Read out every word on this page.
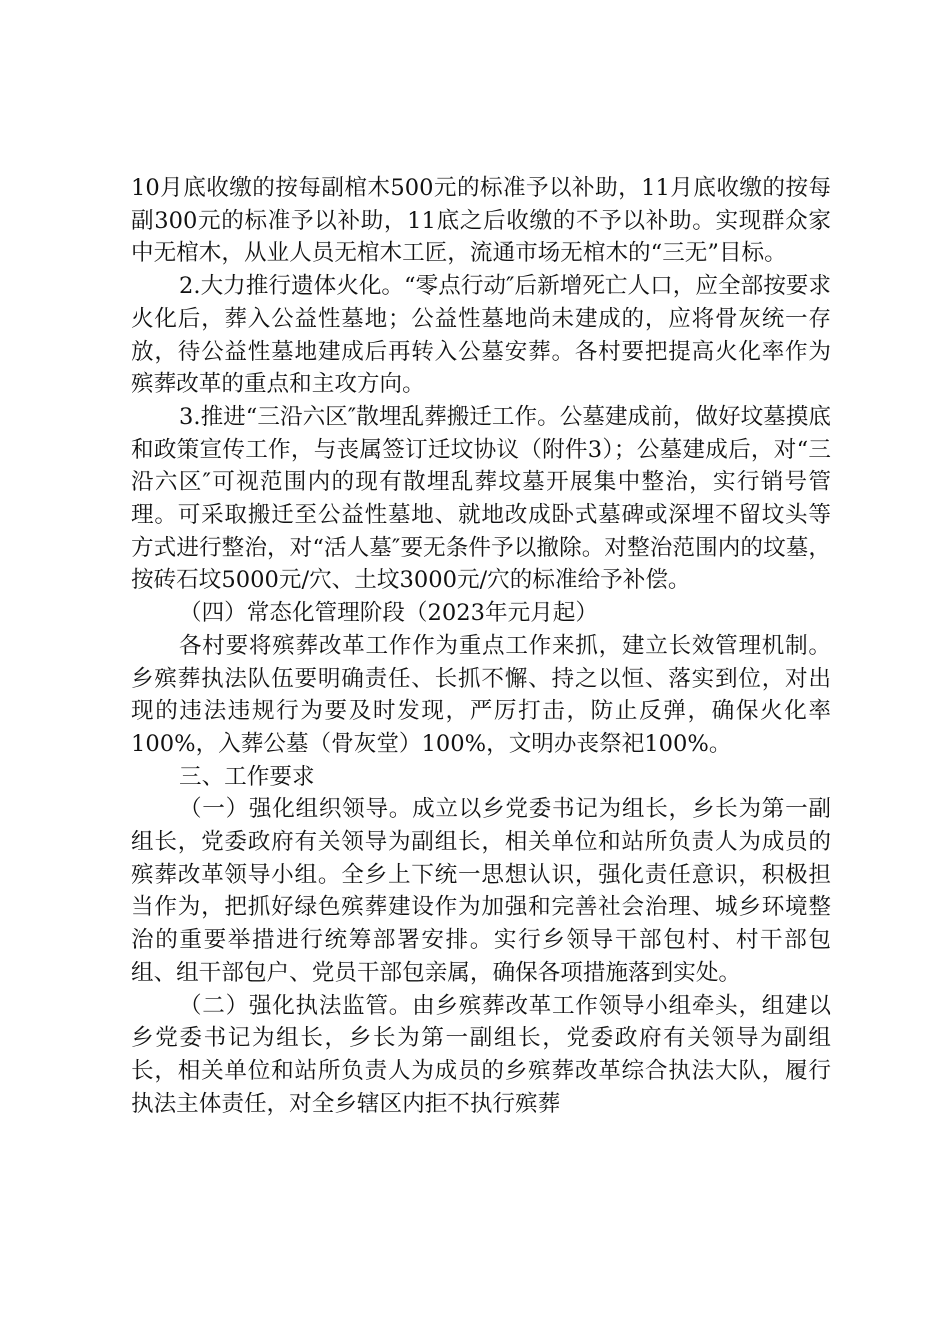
10月底收缴的按每副棺木500元的标准予以补助，11月底收缴的按每副300元的标准予以补助，11底之后收缴的不予以补助。实现群众家中无棺木，从业人员无棺木工匠，流通市场无棺木的“三无”目标。

2.大力推行遗体火化。“零点行动″后新增死亡人口，应全部按要求火化后，葬入公益性墓地；公益性墓地尚未建成的，应将骨灰统一存放，待公益性墓地建成后再转入公墓安葬。各村要把提高火化率作为殡葬改革的重点和主攻方向。

3.推进“三沿六区″散埋乱葬搬迁工作。公墓建成前，做好坟墓摸底和政策宣传工作，与丧属签订迁坟协议（附件3）；公墓建成后，对“三沿六区″可视范围内的现有散埋乱葬坟墓开展集中整治，实行销号管理。可采取搬迁至公益性墓地、就地改成卧式墓碑或深埋不留坟头等方式进行整治，对“活人墓″要无条件予以撤除。对整治范围内的坟墓，按砖石坟5000元/穴、土坟3000元/穴的标准给予补偿。

（四）常态化管理阶段（2023年元月起）

各村要将殡葬改革工作作为重点工作来抓，建立长效管理机制。乡殡葬执法队伍要明确责任、长抓不懈、持之以恒、落实到位，对出现的违法违规行为要及时发现，严厉打击，防止反弹，确保火化率100%，入葬公墓（骨灰堂）100%，文明办丧祭祀100%。

三、工作要求

（一）强化组织领导。成立以乡党委书记为组长，乡长为第一副组长，党委政府有关领导为副组长，相关单位和站所负责人为成员的殡葬改革领导小组。全乡上下统一思想认识，强化责任意识，积极担当作为，把抓好绿色殡葬建设作为加强和完善社会治理、城乡环境整治的重要举措进行统筹部署安排。实行乡领导干部包村、村干部包组、组干部包户、党员干部包亲属，确保各项措施落到实处。

（二）强化执法监管。由乡殡葬改革工作领导小组牵头，组建以乡党委书记为组长，乡长为第一副组长，党委政府有关领导为副组长，相关单位和站所负责人为成员的乡殡葬改革综合执法大队，履行执法主体责任，对全乡辖区内拒不执行殡葬
